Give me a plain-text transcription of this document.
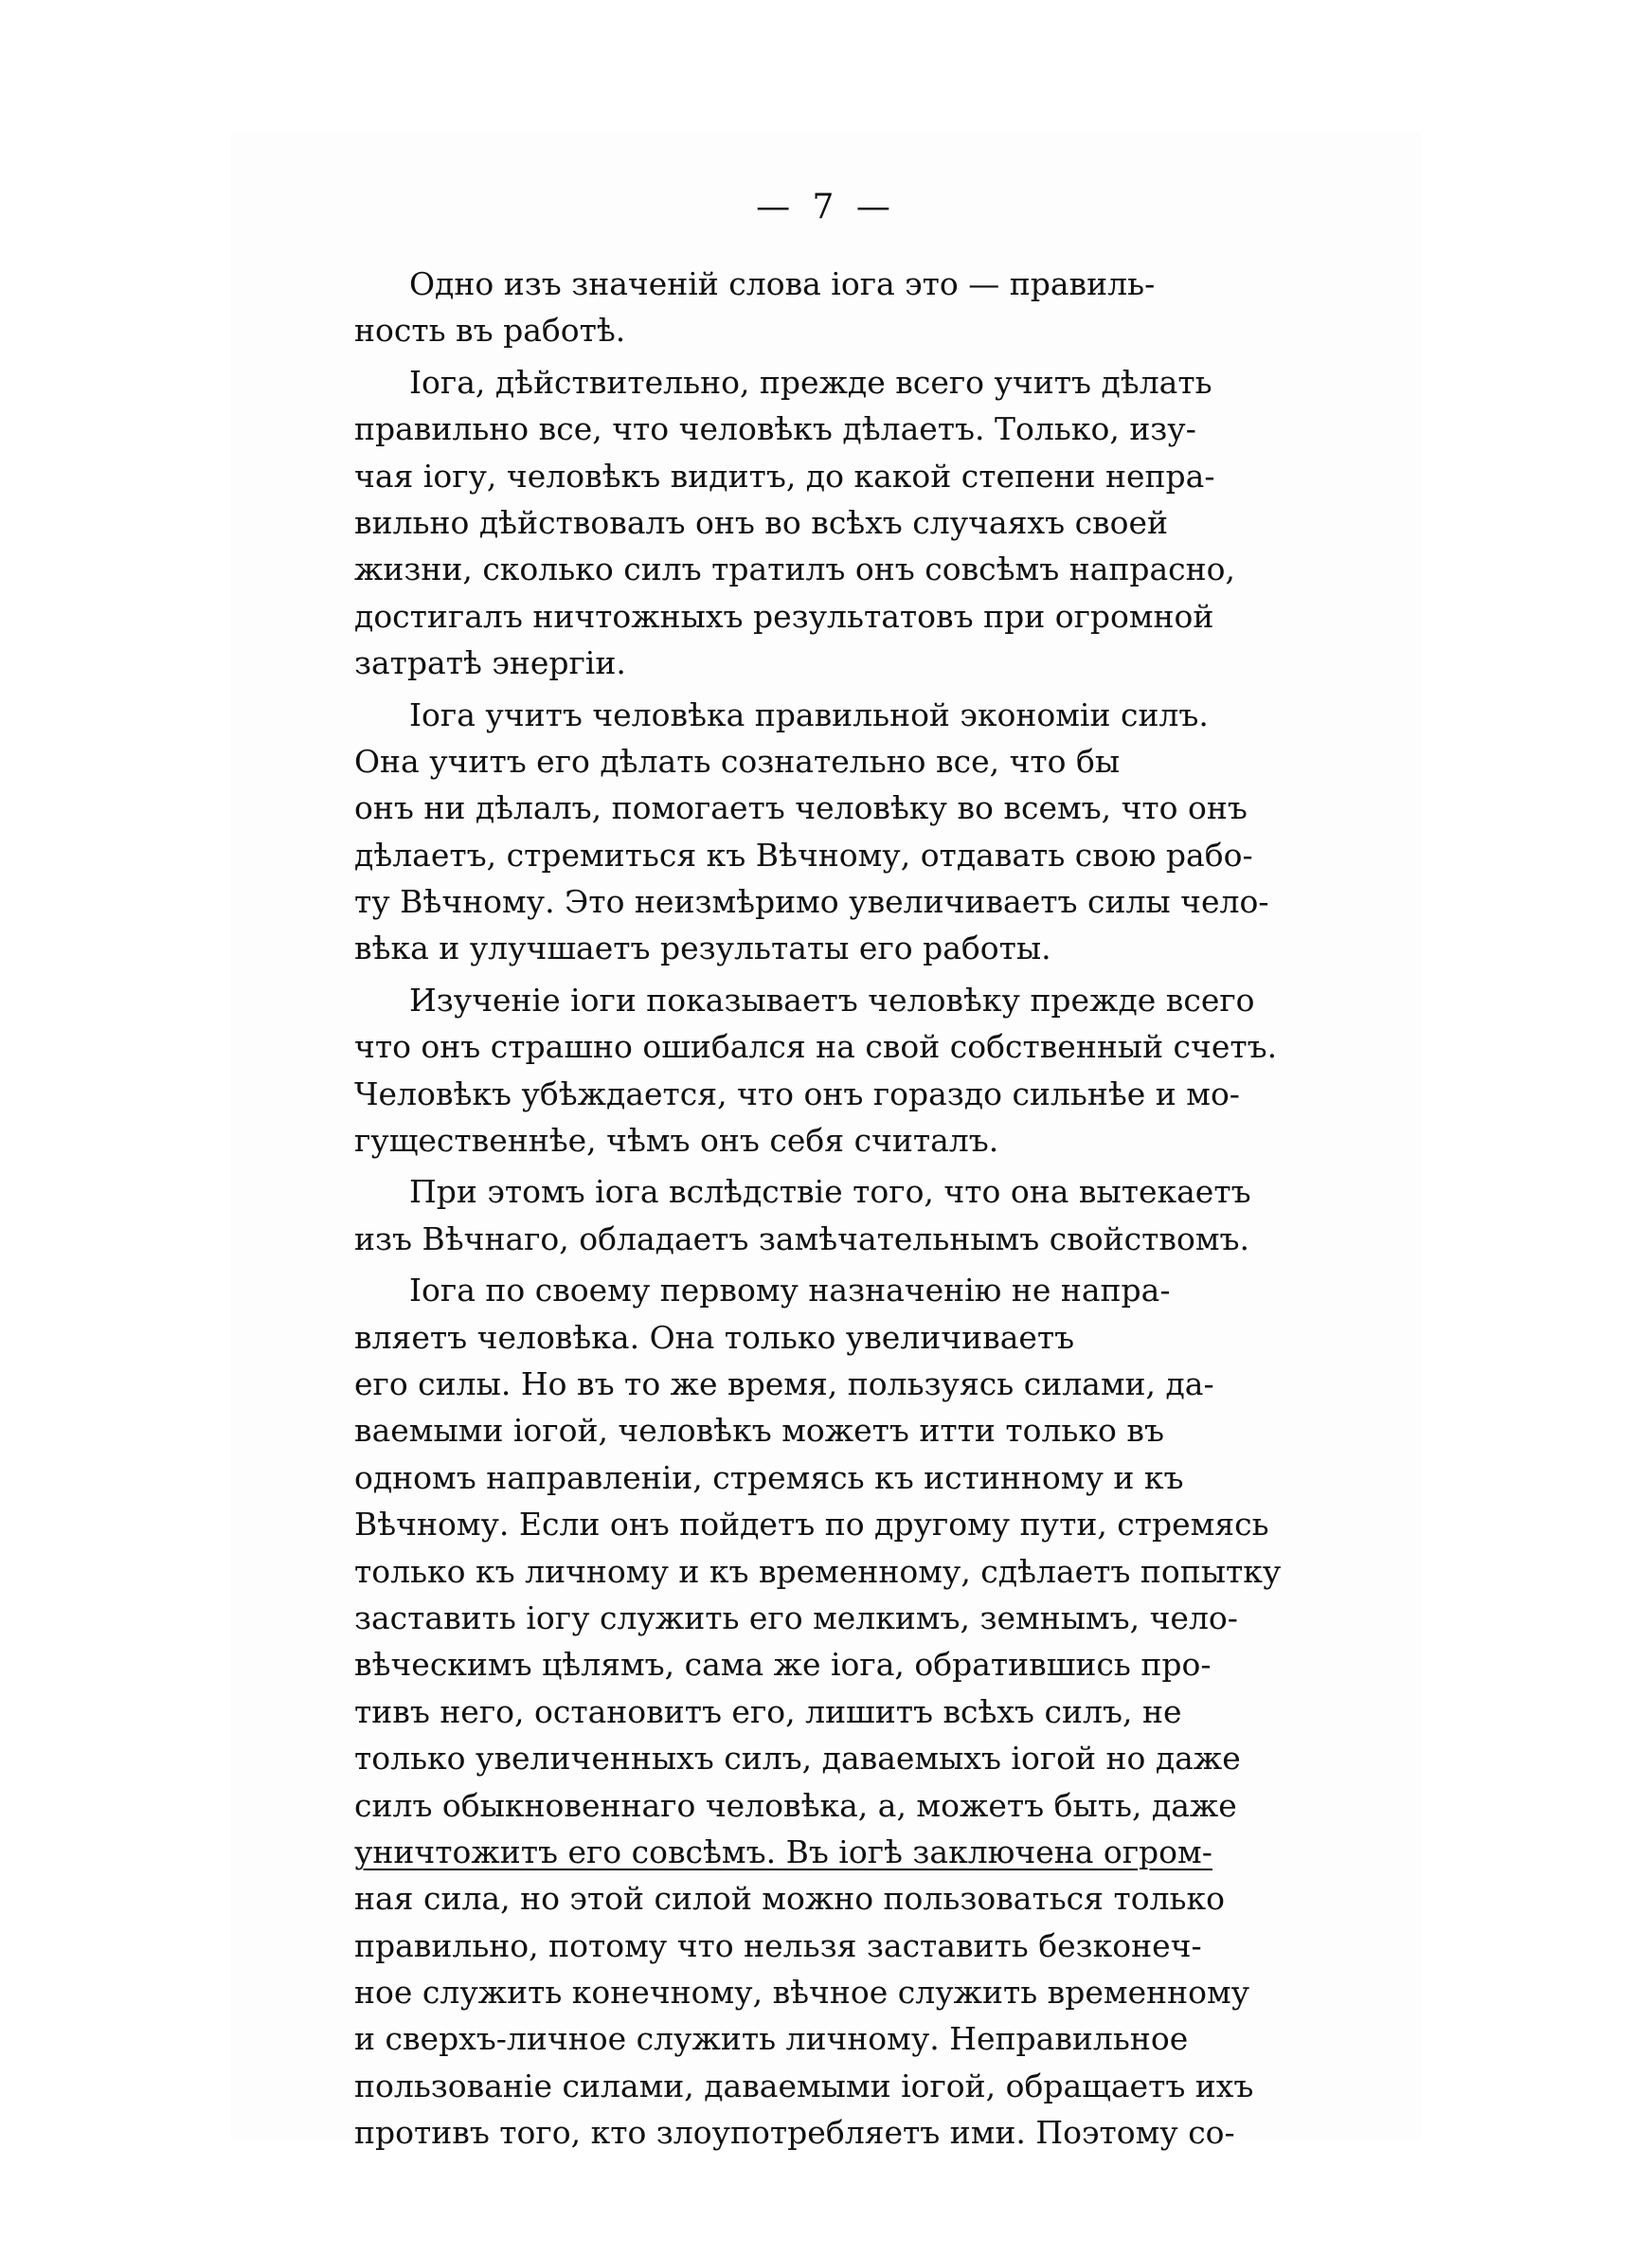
— 7 —
Одно изъ значенiй слова iога это — правиль-
ность въ работѣ.
Iога, дѣйствительно, прежде всего учитъ дѣлать
правильно все, что человѣкъ дѣлаетъ. Только, изу-
чая iогу, человѣкъ видитъ, до какой степени непра-
вильно дѣйствовалъ онъ во всѣхъ случаяхъ своей
жизни, сколько силъ тратилъ онъ совсѣмъ напрасно,
достигалъ ничтожныхъ результатовъ при огромной
затратѣ энергiи.
Iога учитъ человѣка правильной экономiи силъ.
Она учитъ его дѣлать сознательно все, что бы
онъ ни дѣлалъ, помогаетъ человѣку во всемъ, что онъ
дѣлаетъ, стремиться къ Вѣчному, отдавать свою рабо-
ту Вѣчному. Это неизмѣримо увеличиваетъ силы чело-
вѣка и улучшаетъ результаты его работы.
Изученiе iоги показываетъ человѣку прежде всего
что онъ страшно ошибался на свой собственный счетъ.
Человѣкъ убѣждается, что онъ гораздо сильнѣе и мо-
гущественнѣе, чѣмъ онъ себя считалъ.
При этомъ iога вслѣдствiе того, что она вытекаетъ
изъ Вѣчнаго, обладаетъ замѣчательнымъ свойствомъ.
Iога по своему первому назначенiю не напра-
вляетъ человѣка. Она только увеличиваетъ
его силы. Но въ то же время, пользуясь силами, да-
ваемыми iогой, человѣкъ можетъ итти только въ
одномъ направленiи, стремясь къ истинному и къ
Вѣчному. Если онъ пойдетъ по другому пути, стремясь
только къ личному и къ временному, сдѣлаетъ попытку
заставить iогу служить его мелкимъ, земнымъ, чело-
вѣческимъ цѣлямъ, сама же iога, обратившись про-
тивъ него, остановитъ его, лишитъ всѣхъ силъ, не
только увеличенныхъ силъ, даваемыхъ iогой но даже
силъ обыкновеннаго человѣка, а, можетъ быть, даже
уничтожитъ его совсѣмъ. Въ iогѣ заключена огром-
ная сила, но этой силой можно пользоваться только
правильно, потому что нельзя заставить безконеч-
ное служить конечному, вѣчное служить временному
и сверхъ-личное служить личному. Неправильное
пользованiе силами, даваемыми iогой, обращаетъ ихъ
противъ того, кто злоупотребляетъ ими. Поэтому со-
